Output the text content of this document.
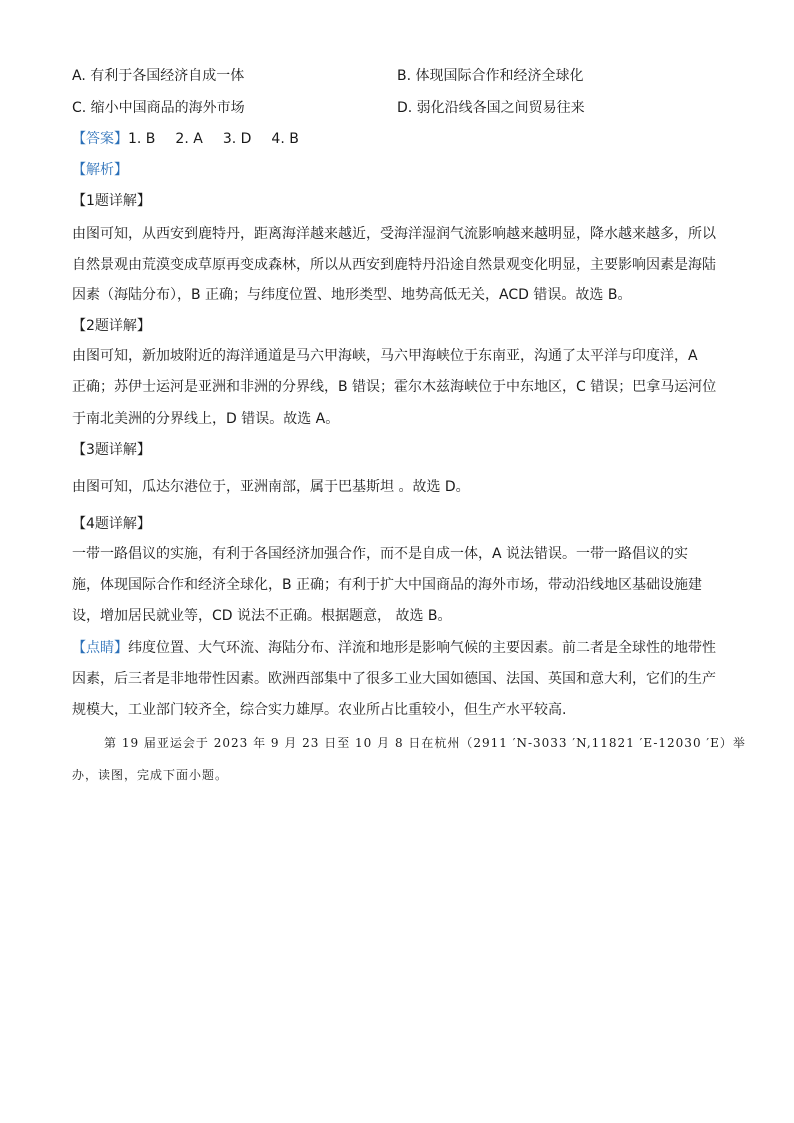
A. 有利于各国经济自成一体	B. 体现国际合作和经济全球化
C. 缩小中国商品的海外市场	D. 弱化沿线各国之间贸易往来
【答案】1. B 2. A 3. D 4. B
【解析】
【1题详解】
由图可知，从西安到鹿特丹，距离海洋越来越近，受海洋湿润气流影响越来越明显，降水越来越多，所以
自然景观由荒漠变成草原再变成森林，所以从西安到鹿特丹沿途自然景观变化明显，主要影响因素是海陆
因素（海陆分布），B 正确；与纬度位置、地形类型、地势高低无关，ACD 错误。故选 B。
【2题详解】
由图可知，新加坡附近的海洋通道是马六甲海峡，马六甲海峡位于东南亚，沟通了太平洋与印度洋，A
正确；苏伊士运河是亚洲和非洲的分界线，B 错误；霍尔木兹海峡位于中东地区，C 错误；巴拿马运河位
于南北美洲的分界线上，D 错误。故选 A。
【3题详解】
由图可知，瓜达尔港位于，亚洲南部，属于巴基斯坦 。故选 D。
【4题详解】
一带一路倡议的实施，有利于各国经济加强合作，而不是自成一体，A 说法错误。一带一路倡议的实
施，体现国际合作和经济全球化，B 正确；有利于扩大中国商品的海外市场，带动沿线地区基础设施建
设，增加居民就业等，CD 说法不正确。根据题意， 故选 B。
【点睛】纬度位置、大气环流、海陆分布、洋流和地形是影响气候的主要因素。前二者是全球性的地带性
因素，后三者是非地带性因素。欧洲西部集中了很多工业大国如德国、法国、英国和意大利，它们的生产
规模大，工业部门较齐全，综合实力雄厚。农业所占比重较小，但生产水平较高.
第 19 届亚运会于 2023 年 9 月 23 日至 10 月 8 日在杭州（2911 ′N-3033 ′N,11821 ′E-12030 ′E）举
办，读图，完成下面小题。
